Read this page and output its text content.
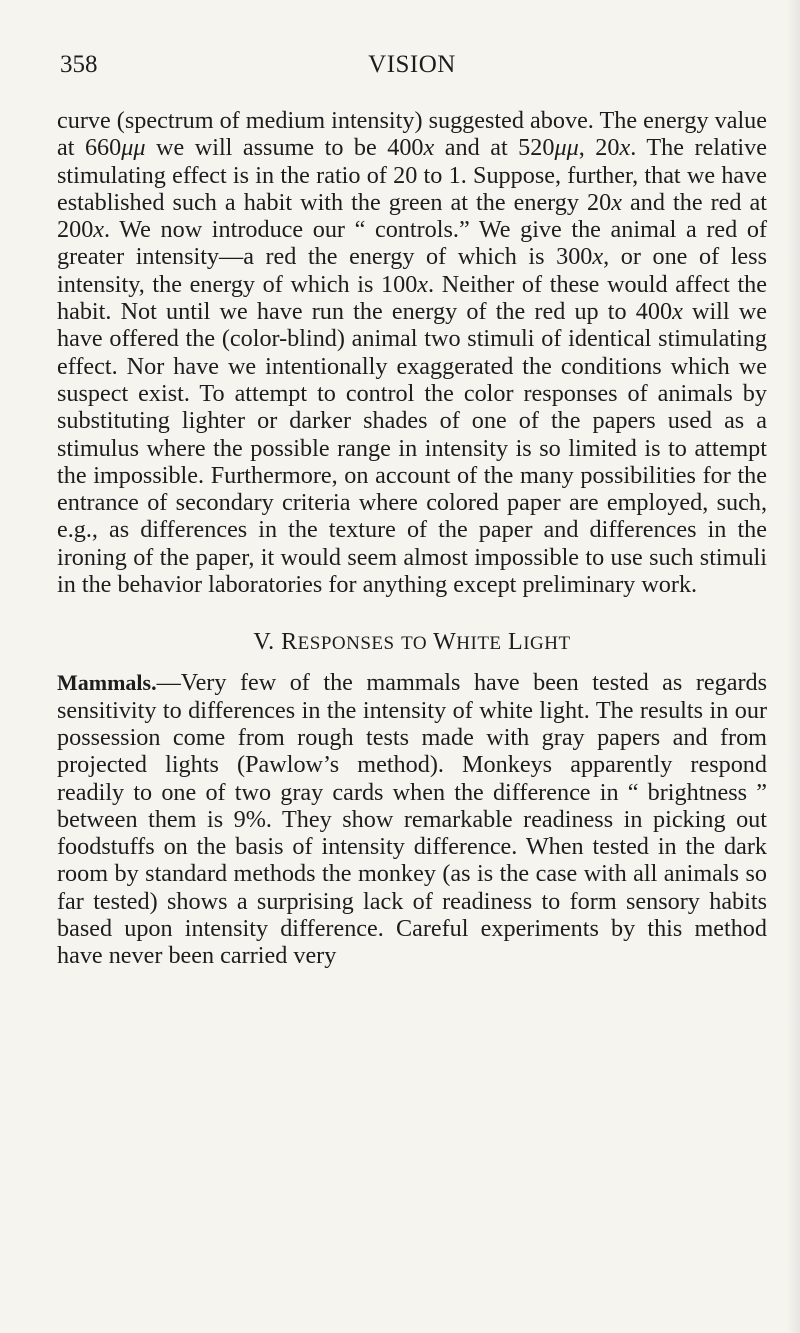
358	VISION

curve (spectrum of medium intensity) suggested above. The energy value at 660μμ we will assume to be 400x and at 520μμ, 20x. The relative stimulating effect is in the ratio of 20 to 1. Suppose, further, that we have established such a habit with the green at the energy 20x and the red at 200x. We now introduce our “ controls.” We give the animal a red of greater intensity—a red the energy of which is 300x, or one of less intensity, the energy of which is 100x. Neither of these would affect the habit. Not until we have run the energy of the red up to 400x will we have offered the (color-blind) animal two stimuli of identical stimulating effect. Nor have we intentionally exaggerated the conditions which we suspect exist. To attempt to control the color responses of animals by substituting lighter or darker shades of one of the papers used as a stimulus where the possible range in intensity is so limited is to attempt the impossible. Furthermore, on account of the many possibilities for the entrance of secondary criteria where colored paper are employed, such, e.g., as differences in the texture of the paper and differences in the ironing of the paper, it would seem almost impossible to use such stimuli in the behavior laboratories for anything except preliminary work.

V. RESPONSES TO WHITE LIGHT

Mammals.—Very few of the mammals have been tested as regards sensitivity to differences in the intensity of white light. The results in our possession come from rough tests made with gray papers and from projected lights (Pawlow’s method). Monkeys apparently respond readily to one of two gray cards when the difference in “ brightness ” between them is 9%. They show remarkable readiness in picking out foodstuffs on the basis of intensity difference. When tested in the dark room by standard methods the monkey (as is the case with all animals so far tested) shows a surprising lack of readiness to form sensory habits based upon intensity difference. Careful experiments by this method have never been carried very
